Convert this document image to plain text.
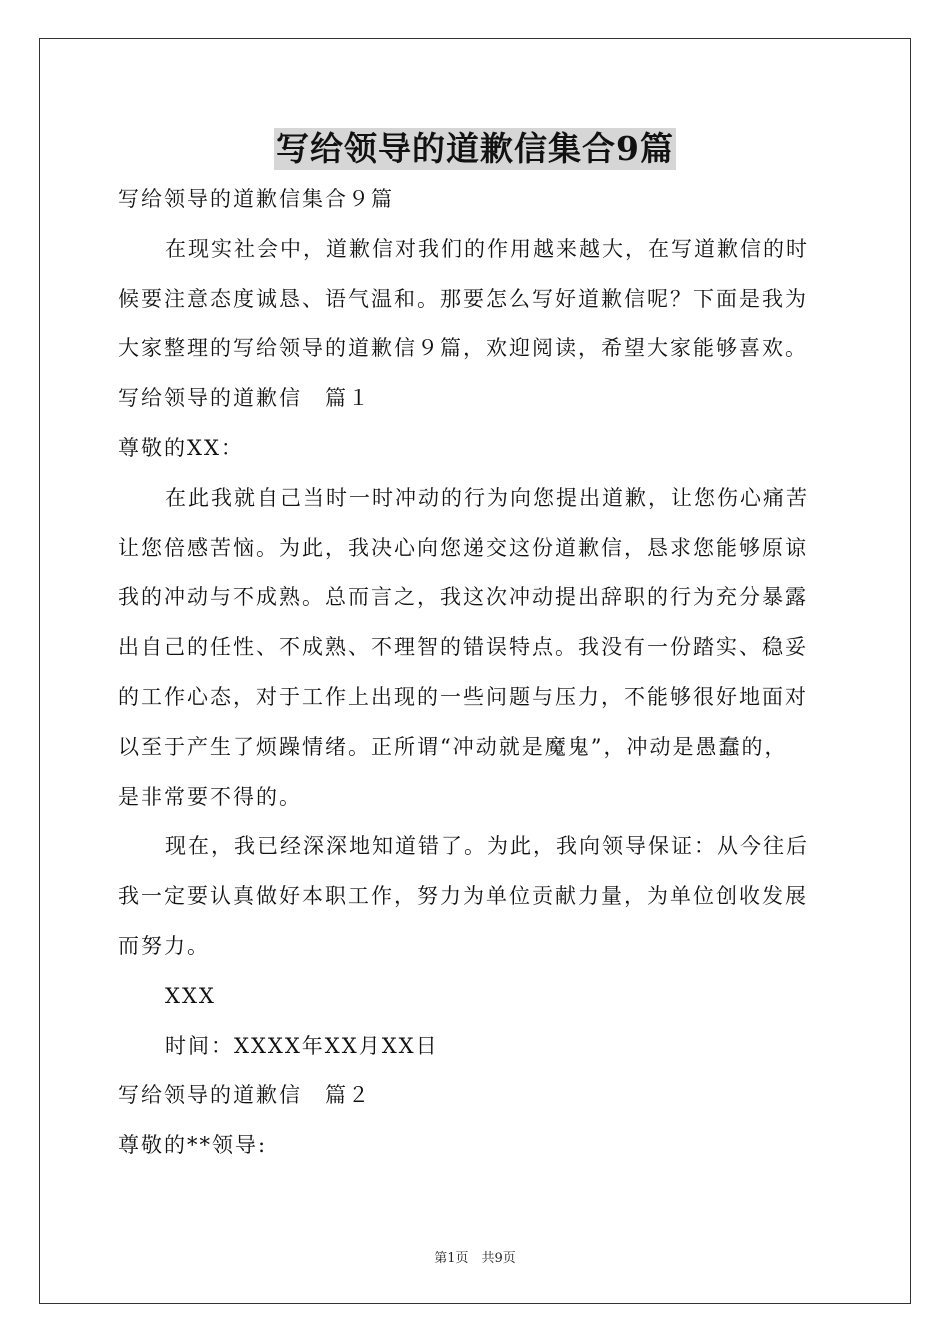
写给领导的道歉信集合9篇
写给领导的道歉信集合９篇
在现实社会中，道歉信对我们的作用越来越大，在写道歉信的时
候要注意态度诚恳、语气温和。那要怎么写好道歉信呢？下面是我为
大家整理的写给领导的道歉信９篇，欢迎阅读，希望大家能够喜欢。
写给领导的道歉信　篇１
尊敬的XX：
在此我就自己当时一时冲动的行为向您提出道歉，让您伤心痛苦
让您倍感苦恼。为此，我决心向您递交这份道歉信，恳求您能够原谅
我的冲动与不成熟。总而言之，我这次冲动提出辞职的行为充分暴露
出自己的任性、不成熟、不理智的错误特点。我没有一份踏实、稳妥
的工作心态，对于工作上出现的一些问题与压力，不能够很好地面对
以至于产生了烦躁情绪。正所谓“冲动就是魔鬼”，冲动是愚蠢的，
是非常要不得的。
现在，我已经深深地知道错了。为此，我向领导保证：从今往后
我一定要认真做好本职工作，努力为单位贡献力量，为单位创收发展
而努力。
XXX
时间：XXXX年XX月XX日
写给领导的道歉信　篇２
尊敬的**领导:
第1页　共9页
